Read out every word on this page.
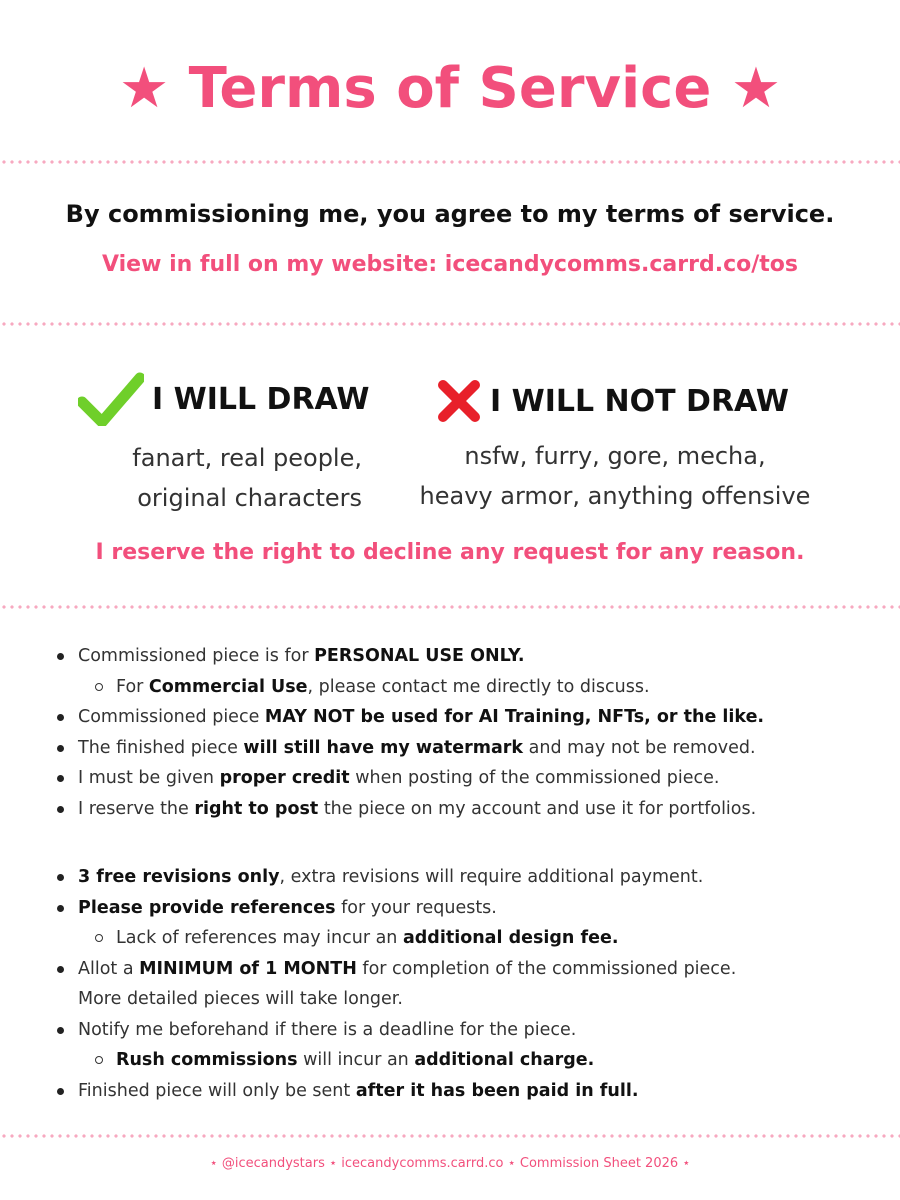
★ Terms of Service ★
By commissioning me, you agree to my terms of service.
View in full on my website: icecandycomms.carrd.co/tos
I WILL DRAW
fanart, real people,
original characters
I WILL NOT DRAW
nsfw, furry, gore, mecha,
heavy armor, anything offensive
I reserve the right to decline any request for any reason.
Commissioned piece is for PERSONAL USE ONLY.
For Commercial Use, please contact me directly to discuss.
Commissioned piece MAY NOT be used for AI Training, NFTs, or the like.
The finished piece will still have my watermark and may not be removed.
I must be given proper credit when posting of the commissioned piece.
I reserve the right to post the piece on my account and use it for portfolios.
3 free revisions only, extra revisions will require additional payment.
Please provide references for your requests.
Lack of references may incur an additional design fee.
Allot a MINIMUM of 1 MONTH for completion of the commissioned piece.
More detailed pieces will take longer.
Notify me beforehand if there is a deadline for the piece.
Rush commissions will incur an additional charge.
Finished piece will only be sent after it has been paid in full.
⋆ @icecandystars ⋆ icecandycomms.carrd.co ⋆ Commission Sheet 2026 ⋆
